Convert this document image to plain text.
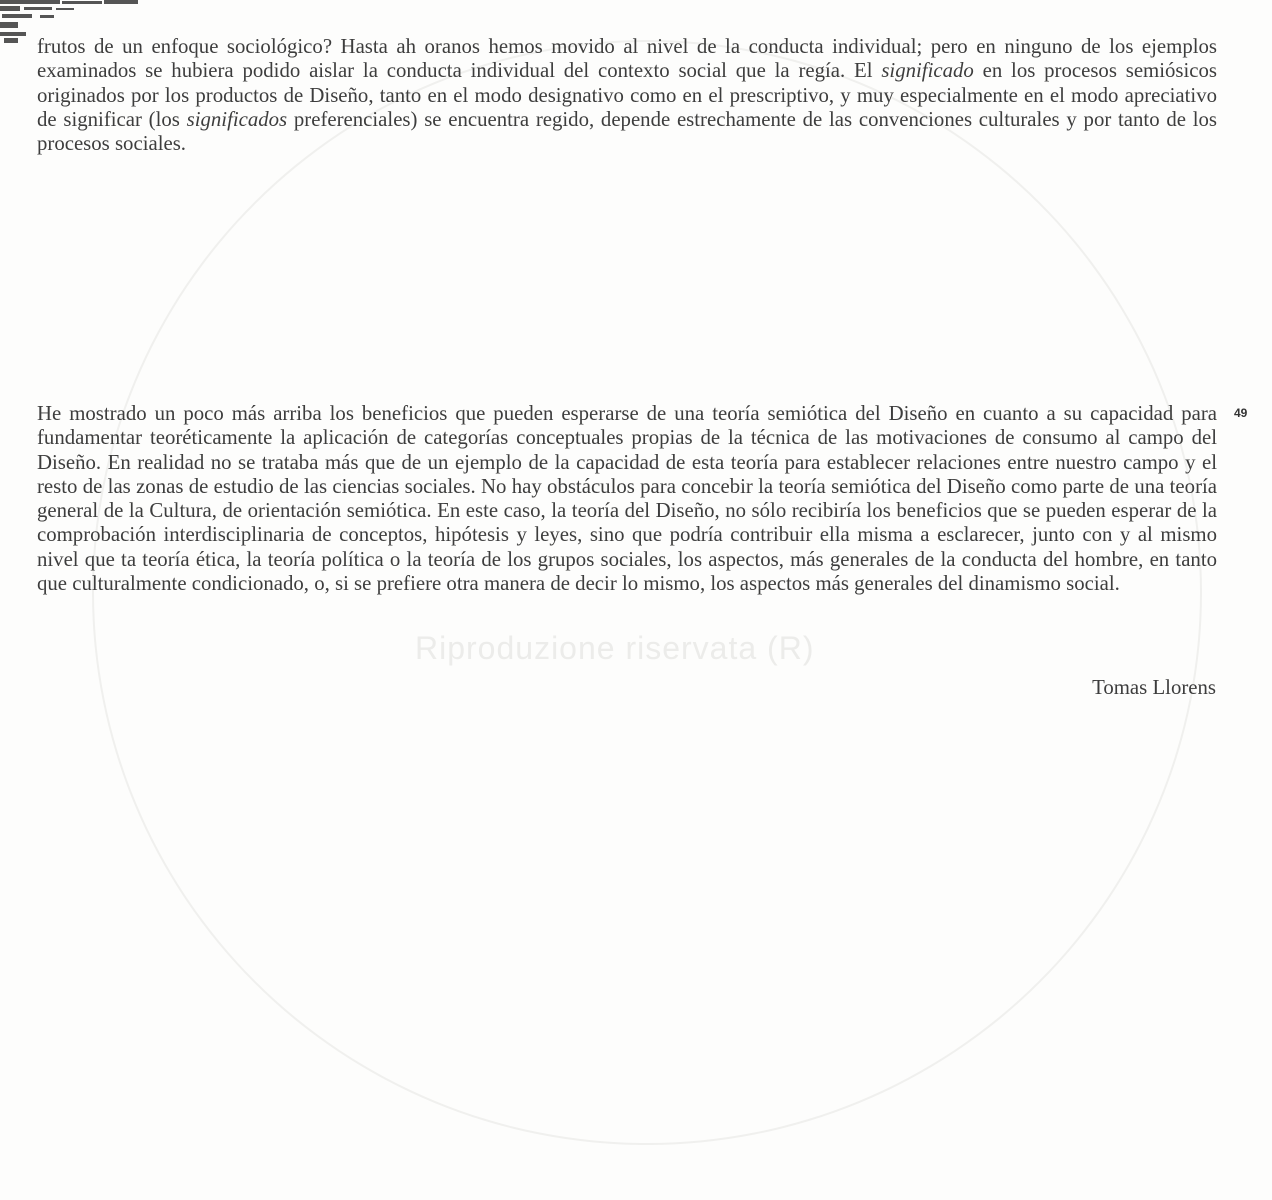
Riproduzione riservata (R)

frutos de un enfoque sociológico? Hasta ah oranos hemos movido al nivel de la conducta individual; pero en ninguno de los ejemplos examinados se hubiera podido aislar la conducta individual del contexto social que la regía. El significado en los procesos semiósicos originados por los productos de Diseño, tanto en el modo designativo como en el prescriptivo, y muy especialmente en el modo apreciativo de significar (los significados preferenciales) se encuentra regido, depende estrechamente de las convenciones culturales y por tanto de los procesos sociales.

He mostrado un poco más arriba los beneficios que pueden esperarse de una teoría semiótica del Diseño en cuanto a su capacidad para fundamentar teoréticamente la aplicación de categorías conceptuales propias de la técnica de las motivaciones de consumo al campo del Diseño. En realidad no se trataba más que de un ejemplo de la capacidad de esta teoría para establecer relaciones entre nuestro campo y el resto de las zonas de estudio de las ciencias sociales. No hay obstáculos para concebir la teoría semiótica del Diseño como parte de una teoría general de la Cultura, de orientación semiótica. En este caso, la teoría del Diseño, no sólo recibiría los beneficios que se pueden esperar de la comprobación interdisciplinaria de conceptos, hipótesis y leyes, sino que podría contribuir ella misma a esclarecer, junto con y al mismo nivel que ta teoría ética, la teoría política o la teoría de los grupos sociales, los aspectos, más generales de la conducta del hombre, en tanto que culturalmente condicionado, o, si se prefiere otra manera de decir lo mismo, los aspectos más generales del dinamismo social.

49
Tomas Llorens
